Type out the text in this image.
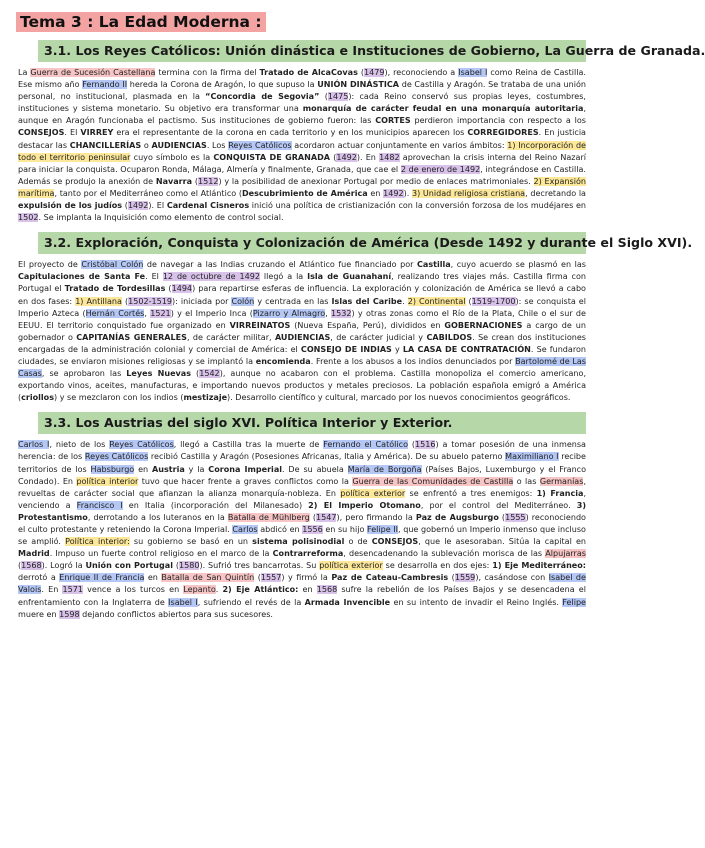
Tema 3 : La Edad Moderna :
3.1. Los Reyes Católicos: Unión dinástica e Instituciones de Gobierno, La Guerra de Granada.

La Guerra de Sucesión Castellana termina con la firma del Tratado de AlcaCovas (1479), reconociendo a Isabel I como Reina de Castilla. Ese mismo año Fernando II hereda la Corona de Aragón, lo que supuso la UNIÓN DINÁSTICA de Castilla y Aragón. Se trataba de una unión personal, no institucional, plasmada en la “Concordia de Segovia” (1475): cada Reino conservó sus propias leyes, costumbres, instituciones y sistema monetario. Su objetivo era transformar una monarquía de carácter feudal en una monarquía autoritaria, aunque en Aragón funcionaba el pactismo. Sus instituciones de gobierno fueron: las CORTES perdieron importancia con respecto a los CONSEJOS. El VIRREY era el representante de la corona en cada territorio y en los municipios aparecen los CORREGIDORES. En justicia destacar las CHANCILLERÍAS o AUDIENCIAS. Los Reyes Católicos acordaron actuar conjuntamente en varios ámbitos: 1) Incorporación de todo el territorio peninsular cuyo símbolo es la CONQUISTA DE GRANADA (1492). En 1482 aprovechan la crisis interna del Reino Nazarí para iniciar la conquista. Ocuparon Ronda, Málaga, Almería y finalmente, Granada, que cae el 2 de enero de 1492, integrándose en Castilla. Además se produjo la anexión de Navarra (1512) y la posibilidad de anexionar Portugal por medio de enlaces matrimoniales. 2) Expansión marítima, tanto por el Mediterráneo como el Atlántico (Descubrimiento de América en 1492). 3) Unidad religiosa cristiana, decretando la expulsión de los judíos (1492). El Cardenal Cisneros inició una política de cristianización con la conversión forzosa de los mudéjares en 1502. Se implanta la Inquisición como elemento de control social.

3.2. Exploración, Conquista y Colonización de América (Desde 1492 y durante el Siglo XVI).

El proyecto de Cristóbal Colón de navegar a las Indias cruzando el Atlántico fue financiado por Castilla, cuyo acuerdo se plasmó en las Capitulaciones de Santa Fe. El 12 de octubre de 1492 llegó a la Isla de Guanahaní, realizando tres viajes más. Castilla firma con Portugal el Tratado de Tordesillas (1494) para repartirse esferas de influencia. La exploración y colonización de América se llevó a cabo en dos fases: 1) Antillana (1502-1519): iniciada por Colón y centrada en las Islas del Caribe. 2) Continental (1519-1700): se conquista el Imperio Azteca (Hernán Cortés, 1521) y el Imperio Inca (Pizarro y Almagro, 1532) y otras zonas como el Río de la Plata, Chile o el sur de EEUU. El territorio conquistado fue organizado en VIRREINATOS (Nueva España, Perú), divididos en GOBERNACIONES a cargo de un gobernador o CAPITANÍAS GENERALES, de carácter militar, AUDIENCIAS, de carácter judicial y CABILDOS. Se crean dos instituciones encargadas de la administración colonial y comercial de América: el CONSEJO DE INDIAS y LA CASA DE CONTRATACIÓN. Se fundaron ciudades, se enviaron misiones religiosas y se implantó la encomienda. Frente a los abusos a los indios denunciados por Bartolomé de Las Casas, se aprobaron las Leyes Nuevas (1542), aunque no acabaron con el problema. Castilla monopoliza el comercio americano, exportando vinos, aceites, manufacturas, e importando nuevos productos y metales preciosos. La población española emigró a América (criollos) y se mezclaron con los indios (mestizaje). Desarrollo científico y cultural, marcado por los nuevos conocimientos geográficos.

3.3. Los Austrias del siglo XVI. Política Interior y Exterior.

Carlos I, nieto de los Reyes Católicos, llegó a Castilla tras la muerte de Fernando el Católico (1516) a tomar posesión de una inmensa herencia: de los Reyes Católicos recibió Castilla y Aragón (Posesiones Africanas, Italia y América). De su abuelo paterno Maximiliano I recibe territorios de los Habsburgo en Austria y la Corona Imperial. De su abuela María de Borgoña (Países Bajos, Luxemburgo y el Franco Condado). En política interior tuvo que hacer frente a graves conflictos como la Guerra de las Comunidades de Castilla o las Germanías, revueltas de carácter social que afianzan la alianza monarquía-nobleza. En política exterior se enfrentó a tres enemigos: 1) Francia, venciendo a Francisco I en Italia (incorporación del Milanesado) 2) El Imperio Otomano, por el control del Mediterráneo. 3) Protestantismo, derrotando a los luteranos en la Batalla de Mühlberg (1547), pero firmando la Paz de Augsburgo (1555) reconociendo el culto protestante y reteniendo la Corona Imperial. Carlos abdicó en 1556 en su hijo Felipe II, que gobernó un Imperio inmenso que incluso se amplió. Política interior: su gobierno se basó en un sistema polisinodial o de CONSEJOS, que le asesoraban. Sitúa la capital en Madrid. Impuso un fuerte control religioso en el marco de la Contrarreforma, desencadenando la sublevación morisca de las Alpujarras (1568). Logró la Unión con Portugal (1580). Sufrió tres bancarrotas. Su política exterior se desarrolla en dos ejes: 1) Eje Mediterráneo: derrotó a Enrique II de Francia en Batalla de San Quintín (1557) y firmó la Paz de Cateau-Cambresis (1559), casándose con Isabel de Valois. En 1571 vence a los turcos en Lepanto. 2) Eje Atlántico: en 1568 sufre la rebelión de los Países Bajos y se desencadena el enfrentamiento con la Inglaterra de Isabel I, sufriendo el revés de la Armada Invencible en su intento de invadir el Reino Inglés. Felipe muere en 1598 dejando conflictos abiertos para sus sucesores.
